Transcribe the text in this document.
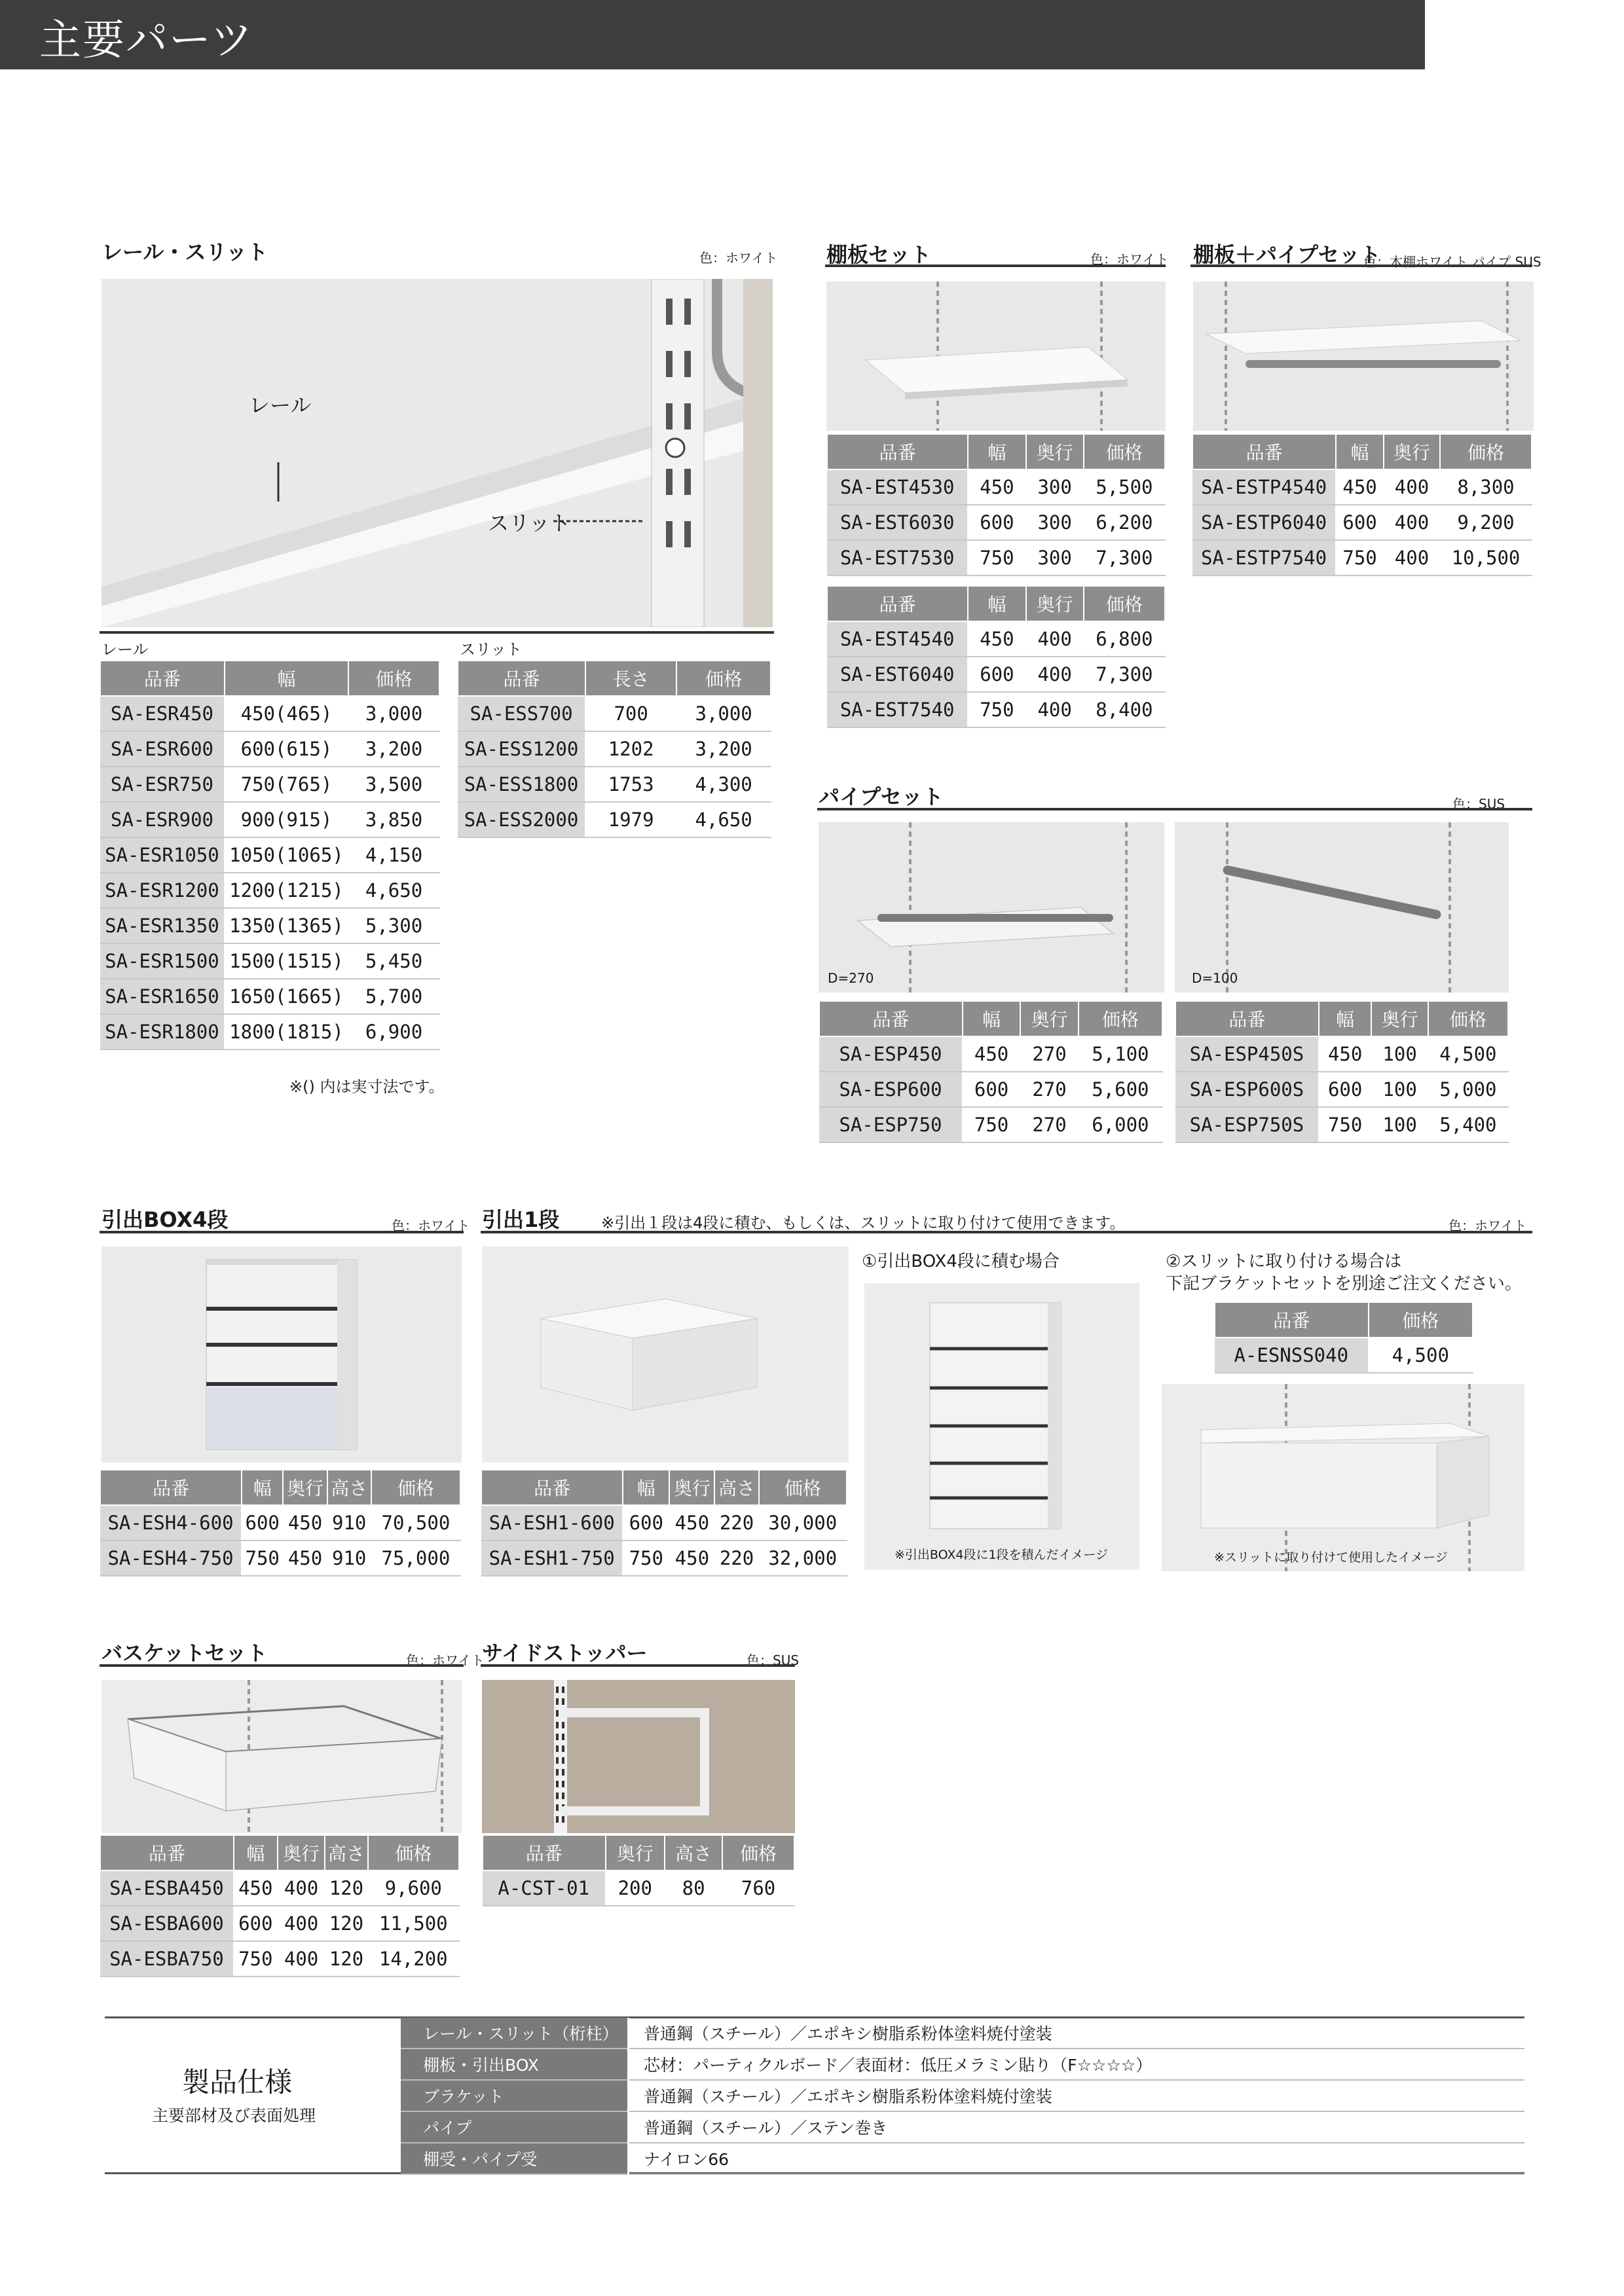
主要パーツ	ES-rack
レール・スリット	色：ホワイト
レール
スリット
レール	スリット
品番	幅	価格
SA-ESR450	450(465)	3,000
SA-ESR600	600(615)	3,200
SA-ESR750	750(765)	3,500
SA-ESR900	900(915)	3,850
SA-ESR1050	1050(1065)	4,150
SA-ESR1200	1200(1215)	4,650
SA-ESR1350	1350(1365)	5,300
SA-ESR1500	1500(1515)	5,450
SA-ESR1650	1650(1665)	5,700
SA-ESR1800	1800(1815)	6,900
品番	長さ	価格
SA-ESS700	700	3,000
SA-ESS1200	1202	3,200
SA-ESS1800	1753	4,300
SA-ESS2000	1979	4,650
※() 内は実寸法です。
棚板セット	色：ホワイト
品番	幅	奥行	価格
SA-EST4530	450	300	5,500
SA-EST6030	600	300	6,200
SA-EST7530	750	300	7,300
品番	幅	奥行	価格
SA-EST4540	450	400	6,800
SA-EST6040	600	400	7,300
SA-EST7540	750	400	8,400
棚板＋パイプセット
色：木棚ホワイト パイプ SUS
品番	幅	奥行	価格
SA-ESTP4540	450	400	8,300
SA-ESTP6040	600	400	9,200
SA-ESTP7540	750	400	10,500
パイプセット	色：SUS
D=270	D=100
品番	幅	奥行	価格
SA-ESP450	450	270	5,100
SA-ESP600	600	270	5,600
SA-ESP750	750	270	6,000
品番	幅	奥行	価格
SA-ESP450S	450	100	4,500
SA-ESP600S	600	100	5,000
SA-ESP750S	750	100	5,400
引出BOX4段	色：ホワイト
品番	幅	奥行	高さ	価格
SA-ESH4-600	600	450	910	70,500
SA-ESH4-750	750	450	910	75,000
引出1段	※引出１段は4段に積む、もしくは、スリットに取り付けて使用できます。	色：ホワイト
品番	幅	奥行	高さ	価格
SA-ESH1-600	600	450	220	30,000
SA-ESH1-750	750	450	220	32,000
①引出BOX4段に積む場合
※引出BOX4段に1段を積んだイメージ
②スリットに取り付ける場合は
下記ブラケットセットを別途ご注文ください。
品番	価格
A-ESNSS040	4,500
※スリットに取り付けて使用したイメージ
バスケットセット	色：ホワイト
品番	幅	奥行	高さ	価格
SA-ESBA450	450	400	120	9,600
SA-ESBA600	600	400	120	11,500
SA-ESBA750	750	400	120	14,200
サイドストッパー	色：SUS
品番	奥行	高さ	価格
A-CST-01	200	80	760
製品仕様
主要部材及び表面処理
レール・スリット（桁柱）	普通鋼（スチール）／エポキシ樹脂系粉体塗料焼付塗装
棚板・引出BOX	芯材：パーティクルボード／表面材：低圧メラミン貼り（F☆☆☆☆）
ブラケット	普通鋼（スチール）／エポキシ樹脂系粉体塗料焼付塗装
パイプ	普通鋼（スチール）／ステン巻き
棚受・パイプ受	ナイロン66
